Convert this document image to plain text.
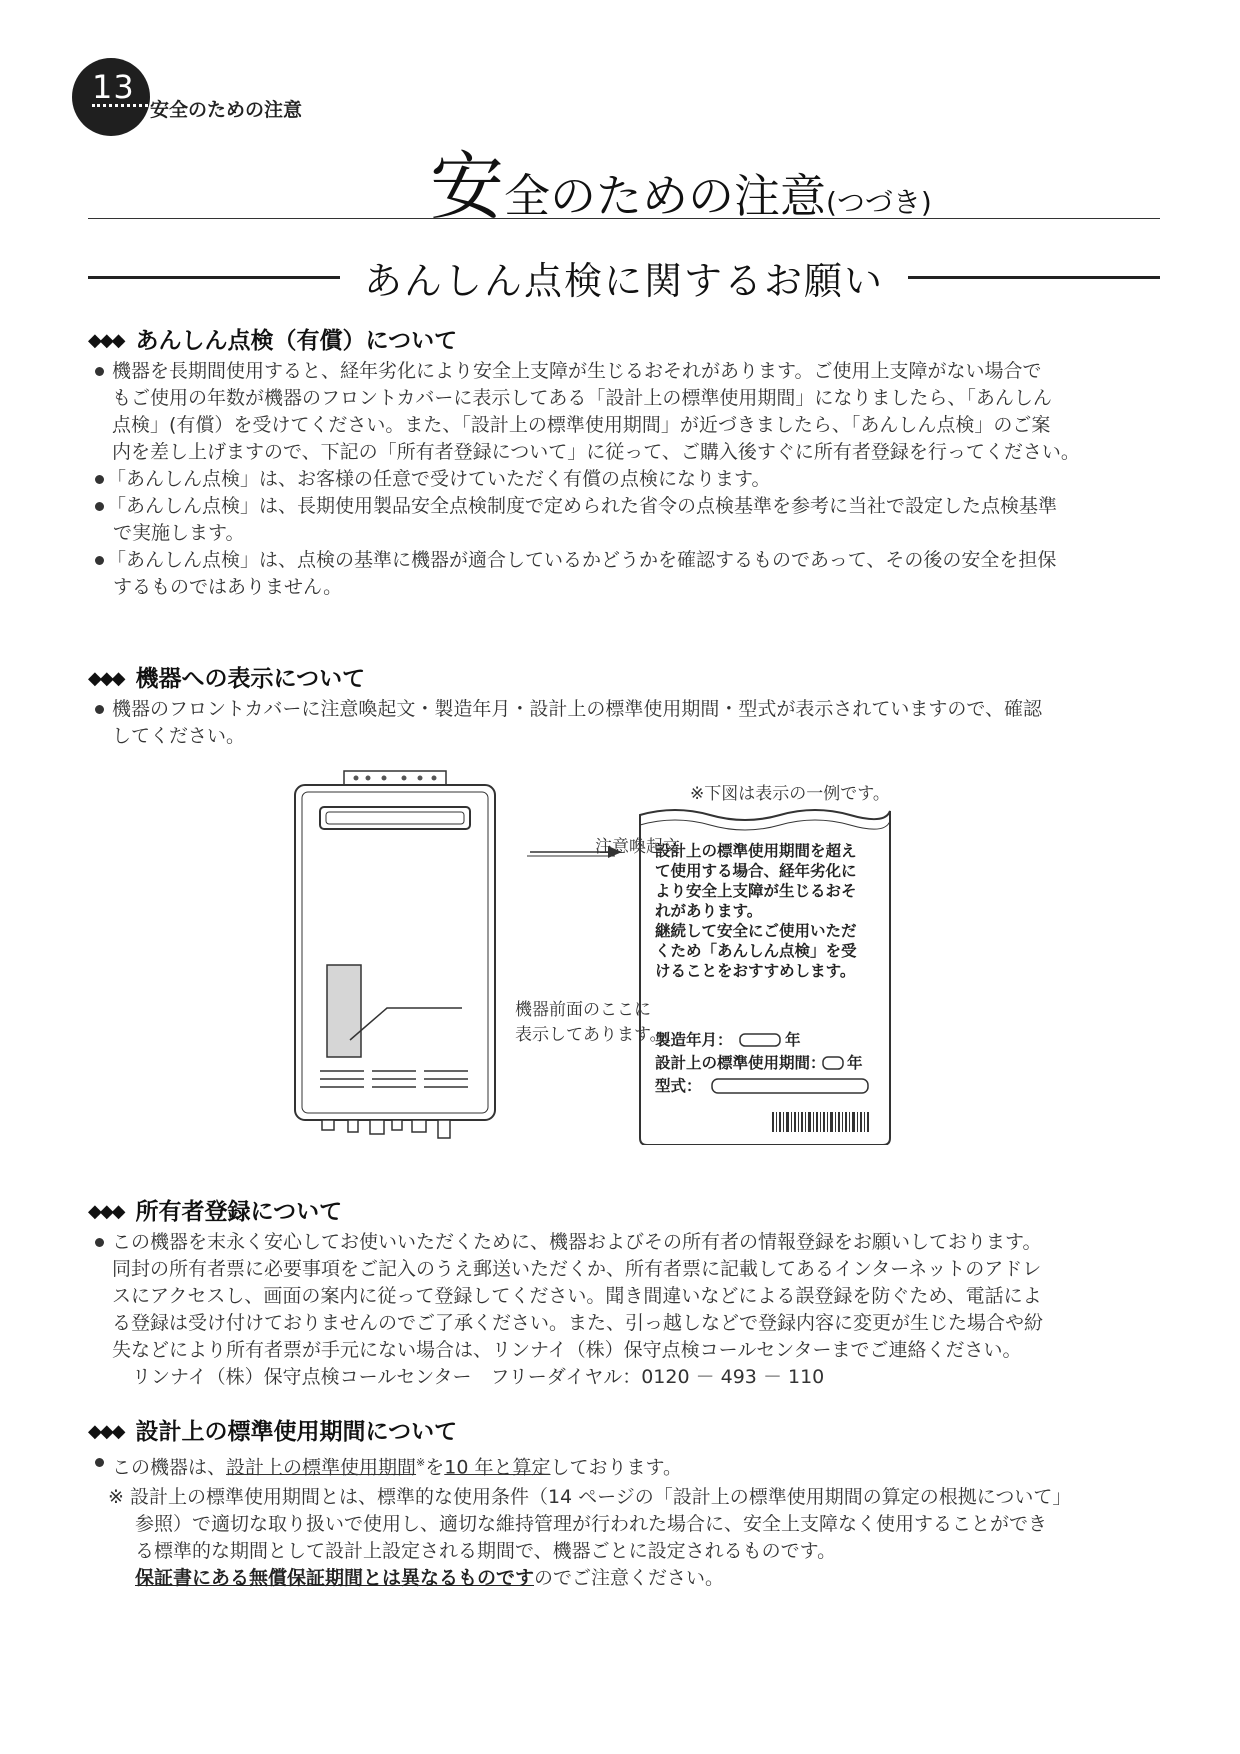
13
安全のための注意
安全のための注意(つづき)
あんしん点検に関するお願い
◆◆◆ あんしん点検（有償）について
機器を長期間使用すると、経年劣化により安全上支障が生じるおそれがあります。ご使用上支障がない場合で
もご使用の年数が機器のフロントカバーに表示してある「設計上の標準使用期間」になりましたら、「あんしん
点検」(有償）を受けてください。また、「設計上の標準使用期間」が近づきましたら、「あんしん点検」のご案
内を差し上げますので、下記の「所有者登録について」に従って、ご購入後すぐに所有者登録を行ってください。
「あんしん点検」は、お客様の任意で受けていただく有償の点検になります。
「あんしん点検」は、長期使用製品安全点検制度で定められた省令の点検基準を参考に当社で設定した点検基準
で実施します。
「あんしん点検」は、点検の基準に機器が適合しているかどうかを確認するものであって、その後の安全を担保
するものではありません。
◆◆◆ 機器への表示について
機器のフロントカバーに注意喚起文・製造年月・設計上の標準使用期間・型式が表示されていますので、確認
してください。
※下図は表示の一例です。
注意喚起文
機器前面のここに
表示してあります。
設計上の標準使用期間を超え
て使用する場合、経年劣化に
より安全上支障が生じるおそ
れがあります。
継続して安全にご使用いただ
くため「あんしん点検」を受
けることをおすすめします。
製造年月：	年
設計上の標準使用期間： 年
型式：
◆◆◆ 所有者登録について
この機器を末永く安心してお使いいただくために、機器およびその所有者の情報登録をお願いしております。
同封の所有者票に必要事項をご記入のうえ郵送いただくか、所有者票に記載してあるインターネットのアドレ
スにアクセスし、画面の案内に従って登録してください。聞き間違いなどによる誤登録を防ぐため、電話によ
る登録は受け付けておりませんのでご了承ください。また、引っ越しなどで登録内容に変更が生じた場合や紛
失などにより所有者票が手元にない場合は、リンナイ（株）保守点検コールセンターまでご連絡ください。
リンナイ（株）保守点検コールセンター　フリーダイヤル：0120 － 493 － 110
◆◆◆ 設計上の標準使用期間について
この機器は、設計上の標準使用期間※を10 年と算定しております。
※ 設計上の標準使用期間とは、標準的な使用条件（14 ページの「設計上の標準使用期間の算定の根拠について」
参照）で適切な取り扱いで使用し、適切な維持管理が行われた場合に、安全上支障なく使用することができ
る標準的な期間として設計上設定される期間で、機器ごとに設定されるものです。
保証書にある無償保証期間とは異なるものですのでご注意ください。
